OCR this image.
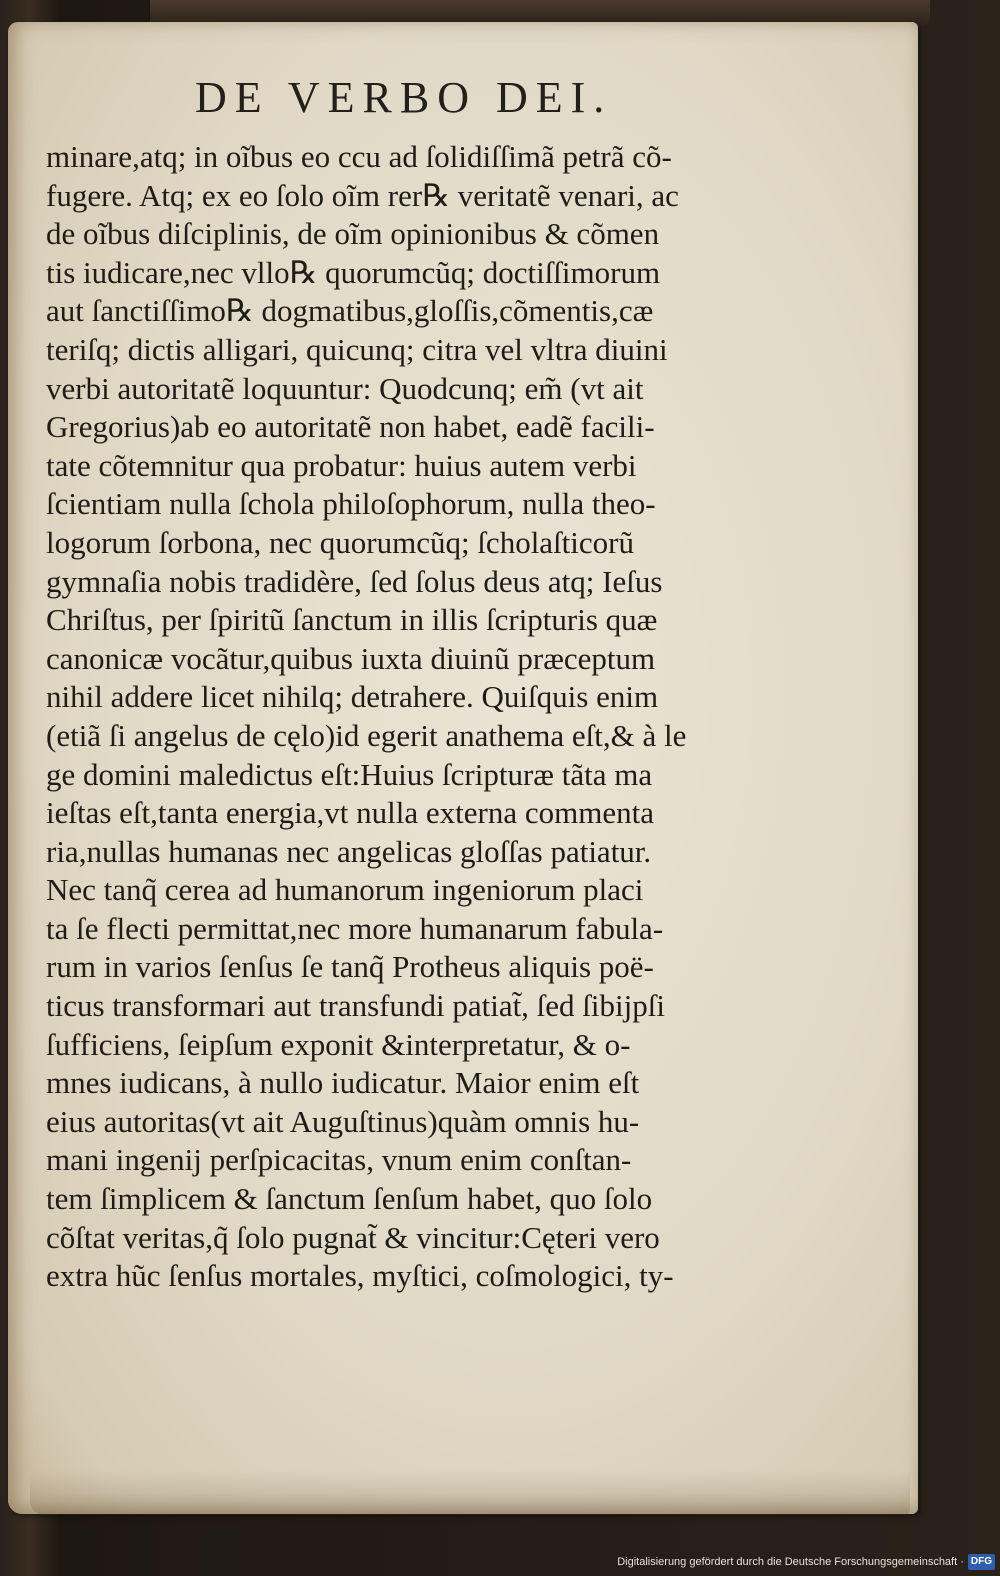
DE VERBO DEI.
minare,atq; in oĩbus eo ccu ad ſolidiſſimã petrã cõ-
fugere. Atq; ex eo ſolo oĩm rer℞ veritatẽ venari, ac
de oĩbus diſciplinis, de oĩm opinionibus & cõmen
tis iudicare,nec vllo℞ quorumcũq; doctiſſimorum
aut ſanctiſſimo℞ dogmatibus,gloſſis,cõmentis,cæ
teriſq; dictis alligari, quicunq; citra vel vltra diuini
verbi autoritatẽ loquuntur: Quodcunq; em̃ (vt ait
Gregorius)ab eo autoritatẽ non habet, eadẽ facili-
tate cõtemnitur qua probatur: huius autem verbi
ſcientiam nulla ſchola philoſophorum, nulla theo-
logorum ſorbona, nec quorumcũq; ſcholaſticorũ
gymnaſia nobis tradidère, ſed ſolus deus atq; Ieſus
Chriſtus, per ſpiritũ ſanctum in illis ſcripturis quæ
canonicæ vocãtur,quibus iuxta diuinũ præceptum
nihil addere licet nihilq; detrahere. Quiſquis enim
(etiã ſi angelus de cęlo)id egerit anathema eſt,& à le
ge domini maledictus eſt:Huius ſcripturæ tãta ma
ieſtas eſt,tanta energia,vt nulla externa commenta
ria,nullas humanas nec angelicas gloſſas patiatur.
Nec tanq̃ cerea ad humanorum ingeniorum placi
ta ſe flecti permittat,nec more humanarum fabula-
rum in varios ſenſus ſe tanq̃ Protheus aliquis poë-
ticus transformari aut transfundi patiat̃, ſed ſibijpſi
ſufficiens, ſeipſum exponit &interpretatur, & o-
mnes iudicans, à nullo iudicatur. Maior enim eſt
eius autoritas(vt ait Auguſtinus)quàm omnis hu-
mani ingenij perſpicacitas, vnum enim conſtan-
tem ſimplicem & ſanctum ſenſum habet, quo ſolo
cõſtat veritas,q̃ ſolo pugnat̃ & vincitur:Cęteri vero
extra hũc ſenſus mortales, myſtici, coſmologici, ty-
Digitalisierung gefördert durch die Deutsche Forschungsgemeinschaft · DFG
